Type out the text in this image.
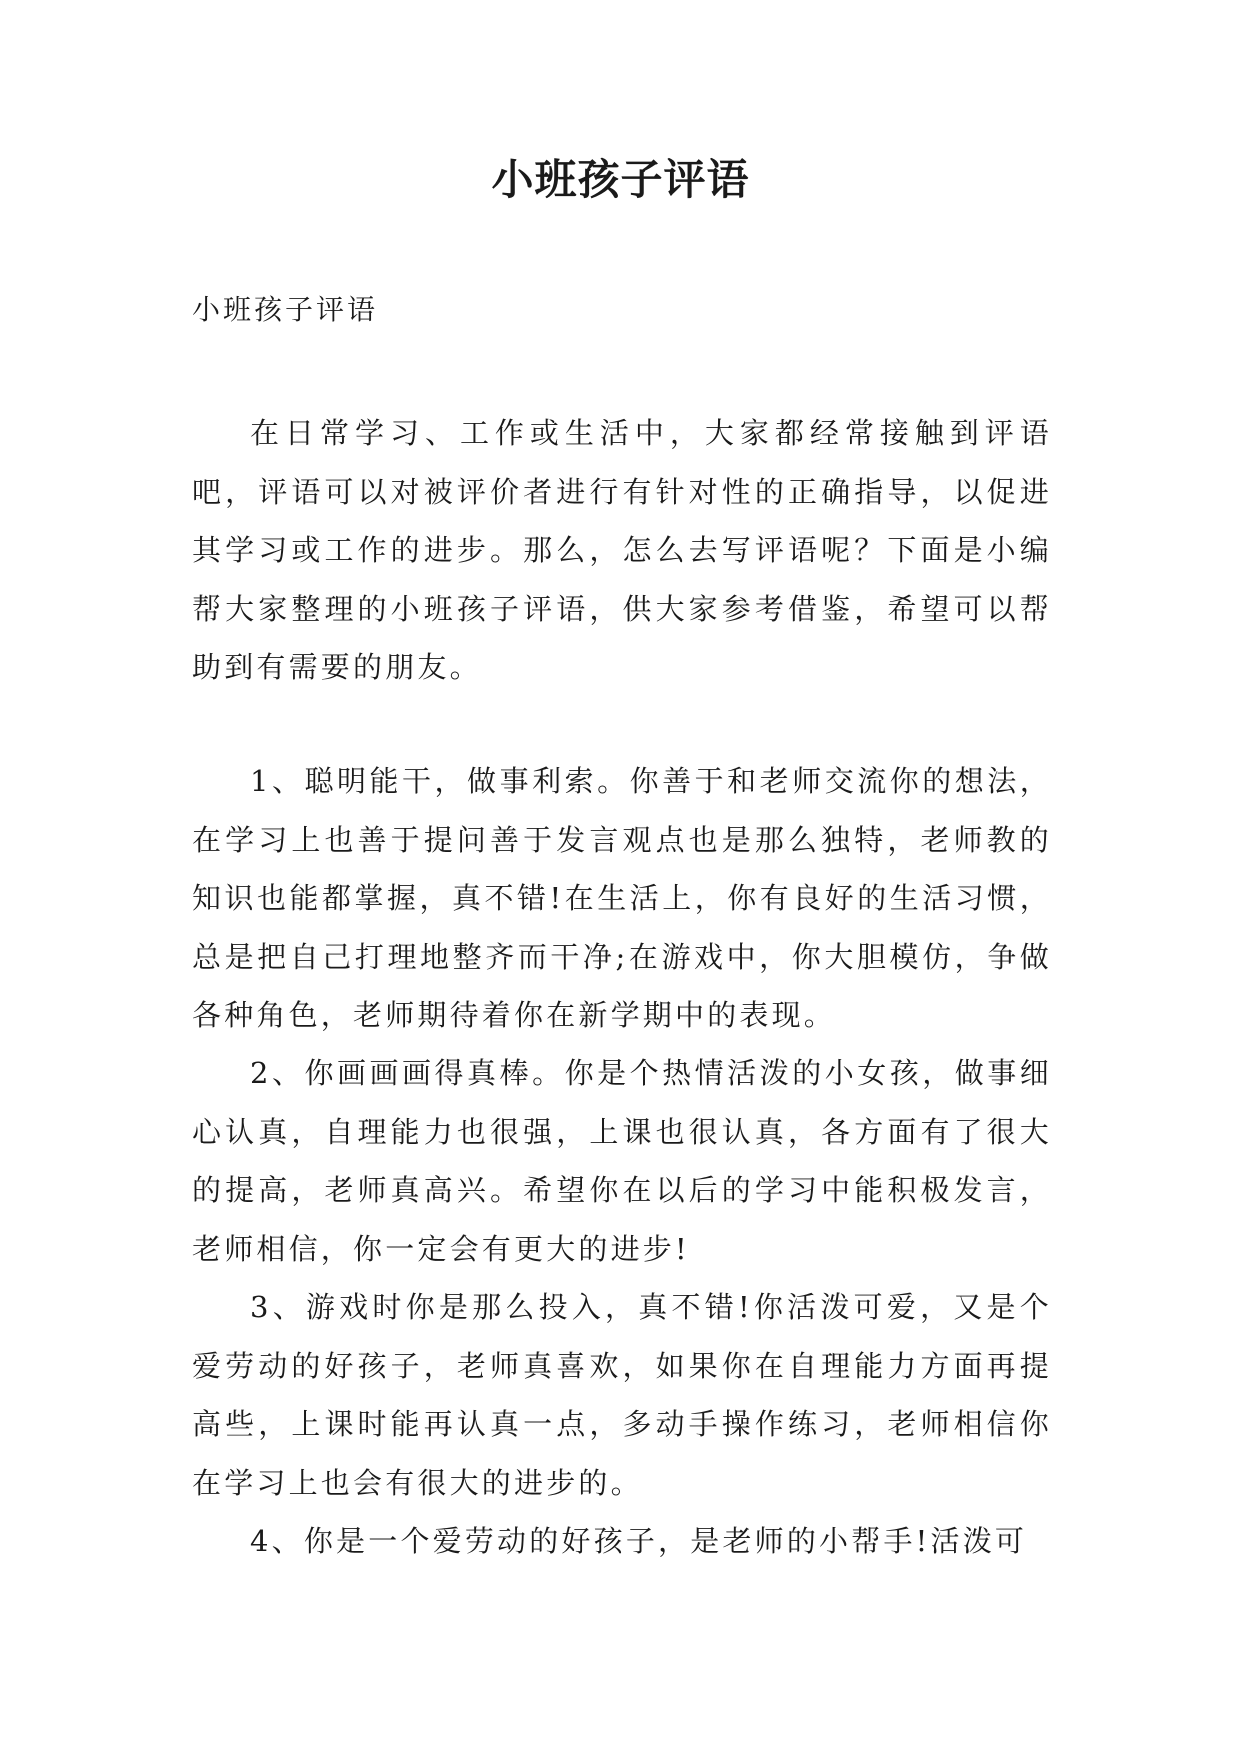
小班孩子评语

小班孩子评语

在日常学习、工作或生活中，大家都经常接触到评语吧，评语可以对被评价者进行有针对性的正确指导，以促进其学习或工作的进步。那么，怎么去写评语呢？下面是小编帮大家整理的小班孩子评语，供大家参考借鉴，希望可以帮助到有需要的朋友。

1、聪明能干，做事利索。你善于和老师交流你的想法，在学习上也善于提问善于发言观点也是那么独特，老师教的知识也能都掌握，真不错!在生活上，你有良好的生活习惯，总是把自己打理地整齐而干净;在游戏中，你大胆模仿，争做各种角色，老师期待着你在新学期中的表现。

2、你画画画得真棒。你是个热情活泼的小女孩，做事细心认真，自理能力也很强，上课也很认真，各方面有了很大的提高，老师真高兴。希望你在以后的学习中能积极发言，老师相信，你一定会有更大的进步!

3、游戏时你是那么投入，真不错!你活泼可爱，又是个爱劳动的好孩子，老师真喜欢，如果你在自理能力方面再提高些，上课时能再认真一点，多动手操作练习，老师相信你在学习上也会有很大的进步的。

4、你是一个爱劳动的好孩子，是老师的小帮手!活泼可
